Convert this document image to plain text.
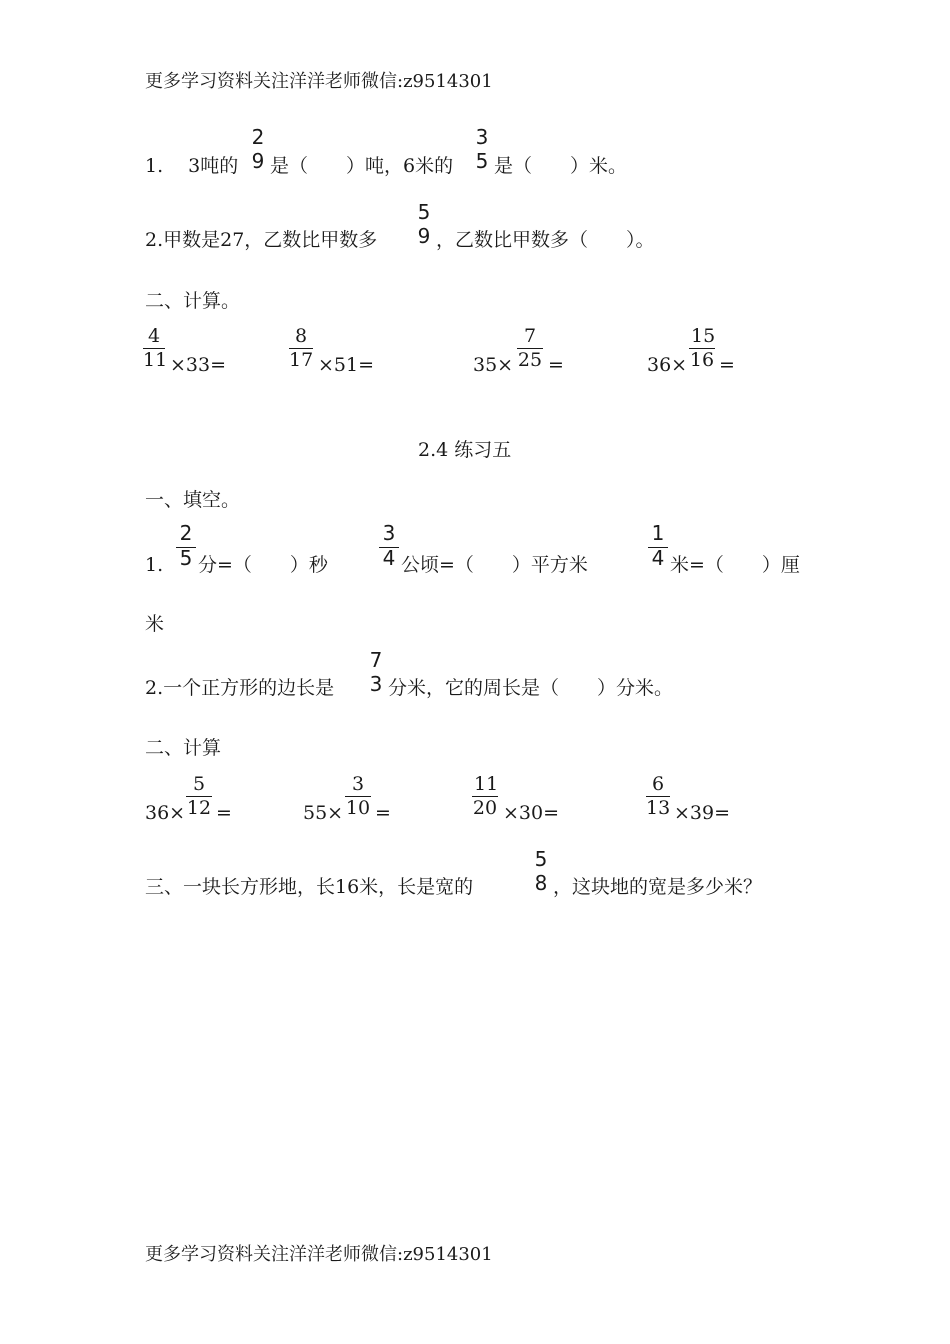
更多学习资料关注洋洋老师微信:z9514301
1.　 3吨的
2
9 是（　　）吨，6米的
3
5 是（　　）米。
2.甲数是27，乙数比甲数多
5
9 ，乙数比甲数多（　　）。
二、计算。
$\frac{4}{11} \times 33=$	$\frac{8}{17} \times 51=$	$35\times \frac{7}{25}$ =	$36\times \frac{15}{16}$ =
2.4 练习五
一、填空。
1. $\frac{2}{5}$ 分=（　　）秒	$\frac{3}{4}$ 公顷=（　　）平方米	$\frac{1}{4}$ 米=（　　）厘
米
2.一个正方形的边长是
7
3 分米，它的周长是（　　）分米。
二、计算
$36\times \frac{5}{12}$ =	$55\times \frac{3}{10}$ =	$\frac{11}{20} \times 30=$	$\frac{6}{13} \times 39=$
三、一块长方形地，长16米，长是宽的
5
8 ，这块地的宽是多少米？
更多学习资料关注洋洋老师微信:z9514301
